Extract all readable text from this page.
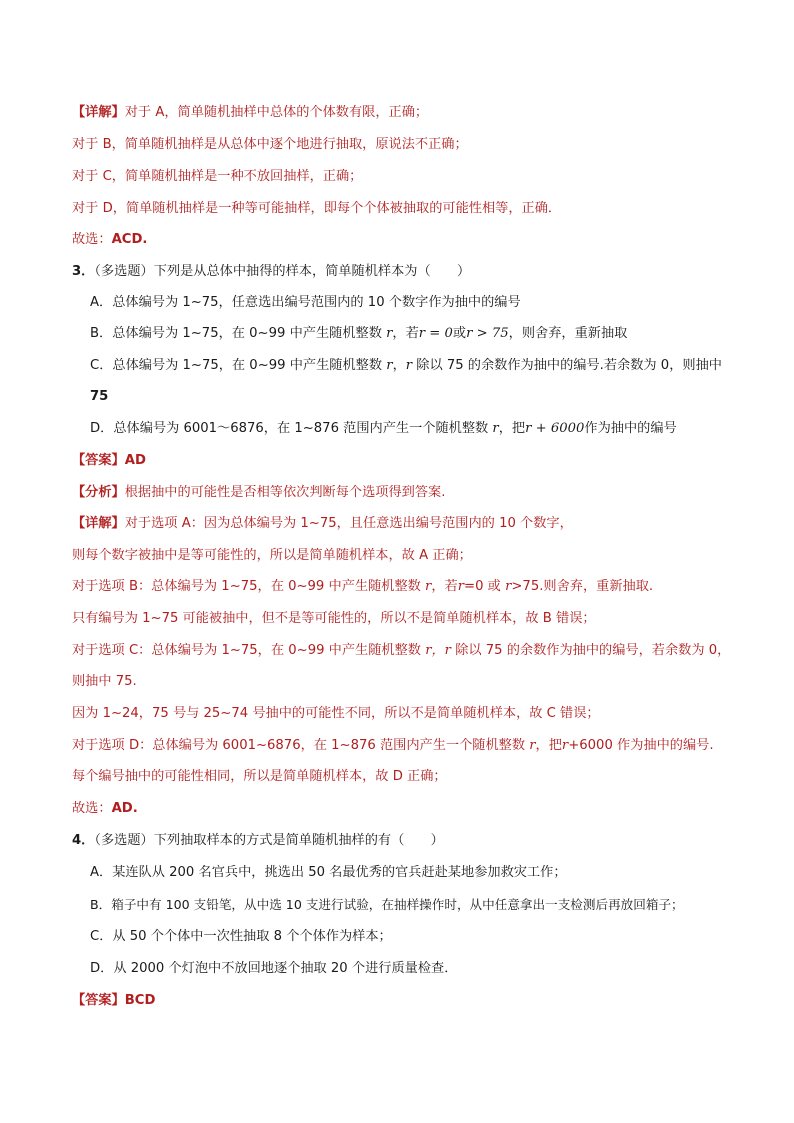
【详解】对于 A，简单随机抽样中总体的个体数有限，正确；
对于 B，简单随机抽样是从总体中逐个地进行抽取，原说法不正确；
对于 C，简单随机抽样是一种不放回抽样，正确；
对于 D，简单随机抽样是一种等可能抽样，即每个个体被抽取的可能性相等，正确．
故选：ACD.
3．（多选题）下列是从总体中抽得的样本，简单随机样本为（　　）
A．总体编号为 1~75，任意选出编号范围内的 10 个数字作为抽中的编号
B．总体编号为 1~75，在 0~99 中产生随机整数 r，若r = 0或r > 75，则舍弃，重新抽取
C．总体编号为 1~75，在 0~99 中产生随机整数 r，r 除以 75 的余数作为抽中的编号.若余数为 0，则抽中
75
D．总体编号为 6001～6876，在 1~876 范围内产生一个随机整数 r，把r + 6000作为抽中的编号
【答案】AD
【分析】根据抽中的可能性是否相等依次判断每个选项得到答案.
【详解】对于选项 A：因为总体编号为 1~75，且任意选出编号范围内的 10 个数字，
则每个数字被抽中是等可能性的，所以是简单随机样本，故 A 正确；
对于选项 B：总体编号为 1~75，在 0~99 中产生随机整数 r，若r=0 或 r>75.则舍弃，重新抽取.
只有编号为 1~75 可能被抽中，但不是等可能性的，所以不是简单随机样本，故 B 错误；
对于选项 C：总体编号为 1~75，在 0~99 中产生随机整数 r，r 除以 75 的余数作为抽中的编号，若余数为 0，
则抽中 75.
因为 1~24，75 号与 25~74 号抽中的可能性不同，所以不是简单随机样本，故 C 错误；
对于选项 D：总体编号为 6001~6876，在 1~876 范围内产生一个随机整数 r，把r+6000 作为抽中的编号.
每个编号抽中的可能性相同，所以是简单随机样本，故 D 正确；
故选：AD.
4．（多选题）下列抽取样本的方式是简单随机抽样的有（　　）
A．某连队从 200 名官兵中，挑选出 50 名最优秀的官兵赶赴某地参加救灾工作；
B．箱子中有 100 支铅笔，从中选 10 支进行试验，在抽样操作时，从中任意拿出一支检测后再放回箱子；
C．从 50 个个体中一次性抽取 8 个个体作为样本；
D．从 2000 个灯泡中不放回地逐个抽取 20 个进行质量检查．
【答案】BCD
